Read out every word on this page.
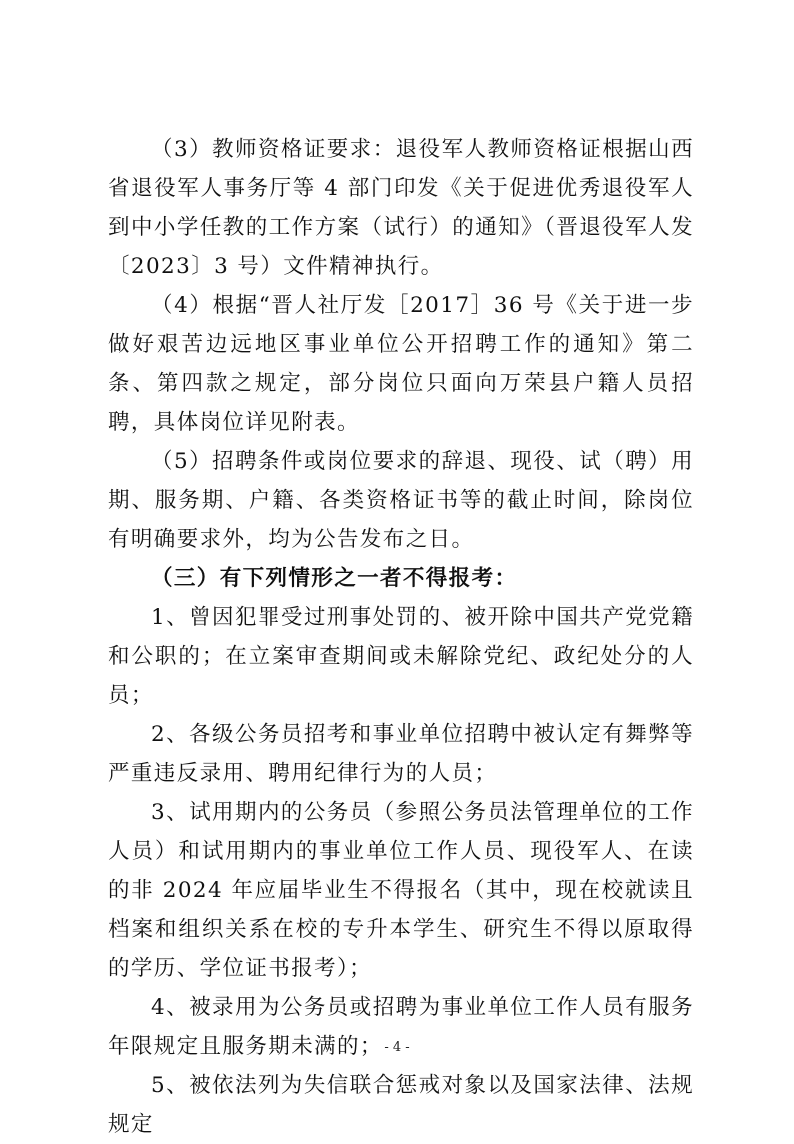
（3）教师资格证要求：退役军人教师资格证根据山西省退役军人事务厅等 4 部门印发《关于促进优秀退役军人到中小学任教的工作方案（试行）的通知》（晋退役军人发〔2023〕3 号）文件精神执行。

（4）根据“晋人社厅发［2017］36 号《关于进一步做好艰苦边远地区事业单位公开招聘工作的通知》第二条、第四款之规定，部分岗位只面向万荣县户籍人员招聘，具体岗位详见附表。

（5）招聘条件或岗位要求的辞退、现役、试（聘）用期、服务期、户籍、各类资格证书等的截止时间，除岗位有明确要求外，均为公告发布之日。

（三）有下列情形之一者不得报考：

1、曾因犯罪受过刑事处罚的、被开除中国共产党党籍和公职的；在立案审查期间或未解除党纪、政纪处分的人员；

2、各级公务员招考和事业单位招聘中被认定有舞弊等严重违反录用、聘用纪律行为的人员；

3、试用期内的公务员（参照公务员法管理单位的工作人员）和试用期内的事业单位工作人员、现役军人、在读的非 2024 年应届毕业生不得报名（其中，现在校就读且档案和组织关系在校的专升本学生、研究生不得以原取得的学历、学位证书报考）；

4、被录用为公务员或招聘为事业单位工作人员有服务年限规定且服务期未满的；

5、被依法列为失信联合惩戒对象以及国家法律、法规规定

- 4 -
